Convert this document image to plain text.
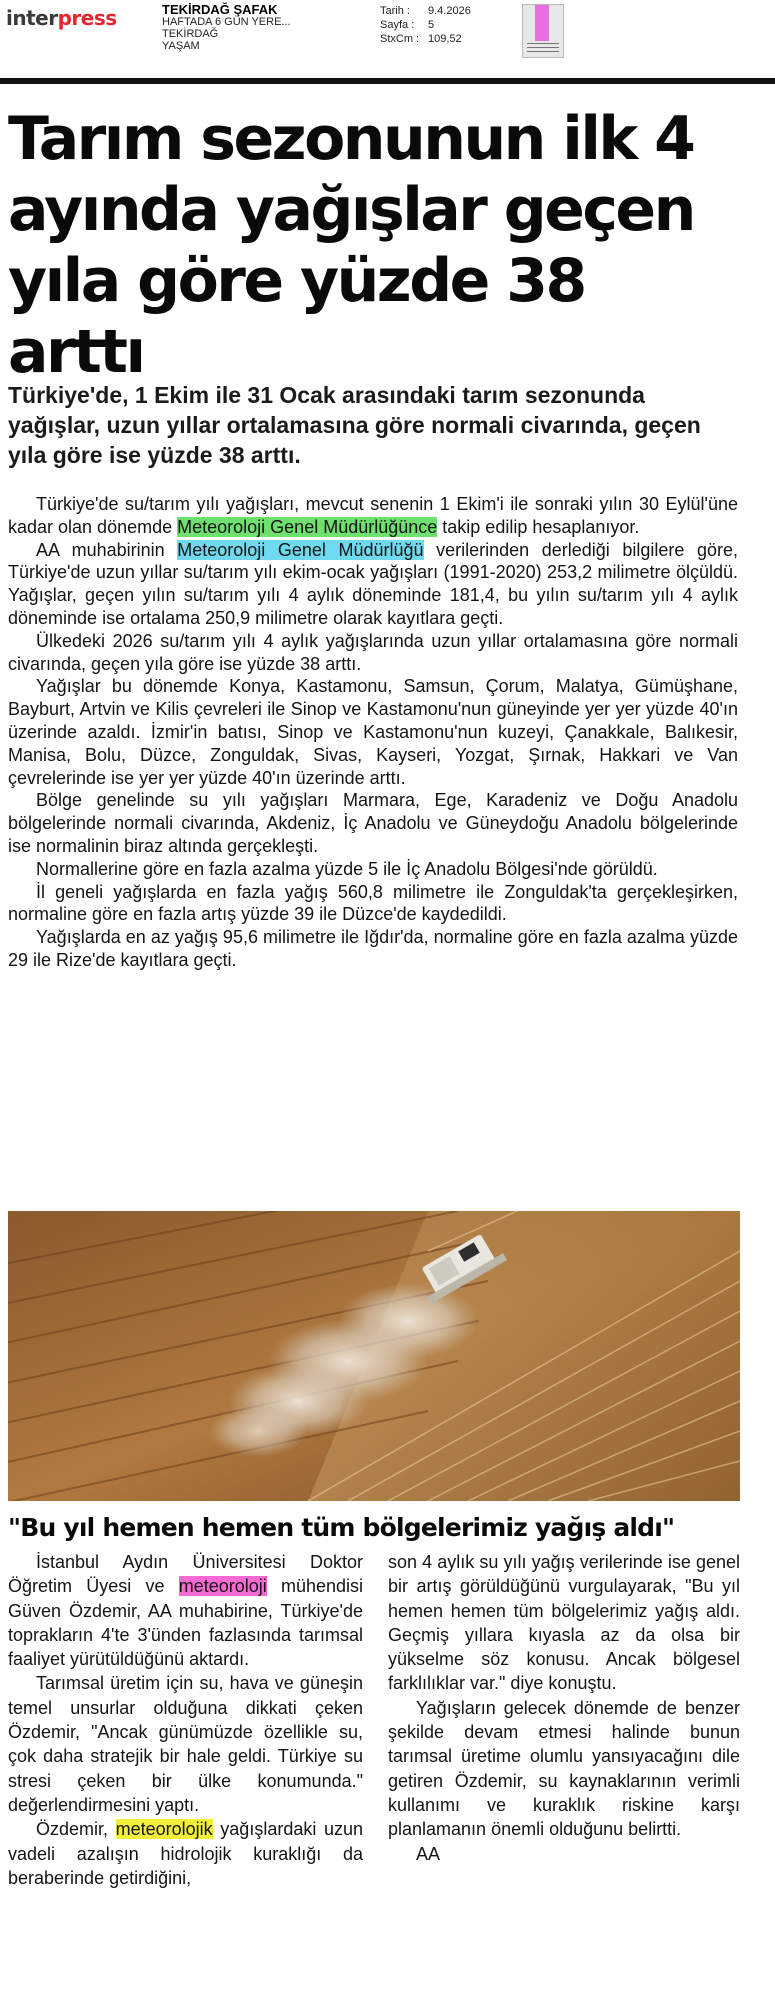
interpress	TEKİRDAĞ ŞAFAK
HAFTADA 6 GÜN YERE...
TEKİRDAĞ
YAŞAM
Tarih :	9.4.2026
Sayfa :	5
StxCm : 109,52
Tarım sezonunun ilk 4 ayında yağışlar geçen yıla göre yüzde 38 arttı
Türkiye'de, 1 Ekim ile 31 Ocak arasındaki tarım sezonunda yağışlar, uzun yıllar ortalamasına göre normali civarında, geçen yıla göre ise yüzde 38 arttı.

Türkiye'de su/tarım yılı yağışları, mevcut senenin 1 Ekim'i ile sonraki yılın 30 Eylül'üne kadar olan dönemde Meteoroloji Genel Müdürlüğünce takip edilip hesaplanıyor.

AA muhabirinin Meteoroloji Genel Müdürlüğü verilerinden derlediği bilgilere göre, Türkiye'de uzun yıllar su/tarım yılı ekim-ocak yağışları (1991-2020) 253,2 milimetre ölçüldü. Yağışlar, geçen yılın su/tarım yılı 4 aylık döneminde 181,4, bu yılın su/tarım yılı 4 aylık döneminde ise ortalama 250,9 milimetre olarak kayıtlara geçti.

Ülkedeki 2026 su/tarım yılı 4 aylık yağışlarında uzun yıllar ortalamasına göre normali civarında, geçen yıla göre ise yüzde 38 arttı.

Yağışlar bu dönemde Konya, Kastamonu, Samsun, Çorum, Malatya, Gümüşhane, Bayburt, Artvin ve Kilis çevreleri ile Sinop ve Kastamonu'nun güneyinde yer yer yüzde 40'ın üzerinde azaldı. İzmir'in batısı, Sinop ve Kastamonu'nun kuzeyi, Çanakkale, Balıkesir, Manisa, Bolu, Düzce, Zonguldak, Sivas, Kayseri, Yozgat, Şırnak, Hakkari ve Van çevrelerinde ise yer yer yüzde 40'ın üzerinde arttı.

Bölge genelinde su yılı yağışları Marmara, Ege, Karadeniz ve Doğu Anadolu bölgelerinde normali civarında, Akdeniz, İç Anadolu ve Güneydoğu Anadolu bölgelerinde ise normalinin biraz altında gerçekleşti.

Normallerine göre en fazla azalma yüzde 5 ile İç Anadolu Bölgesi'nde görüldü.

İl geneli yağışlarda en fazla yağış 560,8 milimetre ile Zonguldak'ta gerçekleşirken, normaline göre en fazla artış yüzde 39 ile Düzce'de kaydedildi.

Yağışlarda en az yağış 95,6 milimetre ile Iğdır'da, normaline göre en fazla azalma yüzde 29 ile Rize'de kayıtlara geçti.

"Bu yıl hemen hemen tüm bölgelerimiz yağış aldı"

İstanbul Aydın Üniversitesi Doktor Öğretim Üyesi ve meteoroloji mühendisi Güven Özdemir, AA muhabirine, Türkiye'de toprakların 4'te 3'ünden fazlasında tarımsal faaliyet yürütüldüğünü aktardı.

Tarımsal üretim için su, hava ve güneşin temel unsurlar olduğuna dikkati çeken Özdemir, "Ancak günümüzde özellikle su, çok daha stratejik bir hale geldi. Türkiye su stresi çeken bir ülke konumunda." değerlendirmesini yaptı.

Özdemir, meteorolojik yağışlardaki uzun vadeli azalışın hidrolojik kuraklığı da beraberinde getirdiğini,

son 4 aylık su yılı yağış verilerinde ise genel bir artış görüldüğünü vurgulayarak, "Bu yıl hemen hemen tüm bölgelerimiz yağış aldı. Geçmiş yıllara kıyasla az da olsa bir yükselme söz konusu. Ancak bölgesel farklılıklar var." diye konuştu.

Yağışların gelecek dönemde de benzer şekilde devam etmesi halinde bunun tarımsal üretime olumlu yansıyacağını dile getiren Özdemir, su kaynaklarının verimli kullanımı ve kuraklık riskine karşı planlamanın önemli olduğunu belirtti.

AA
